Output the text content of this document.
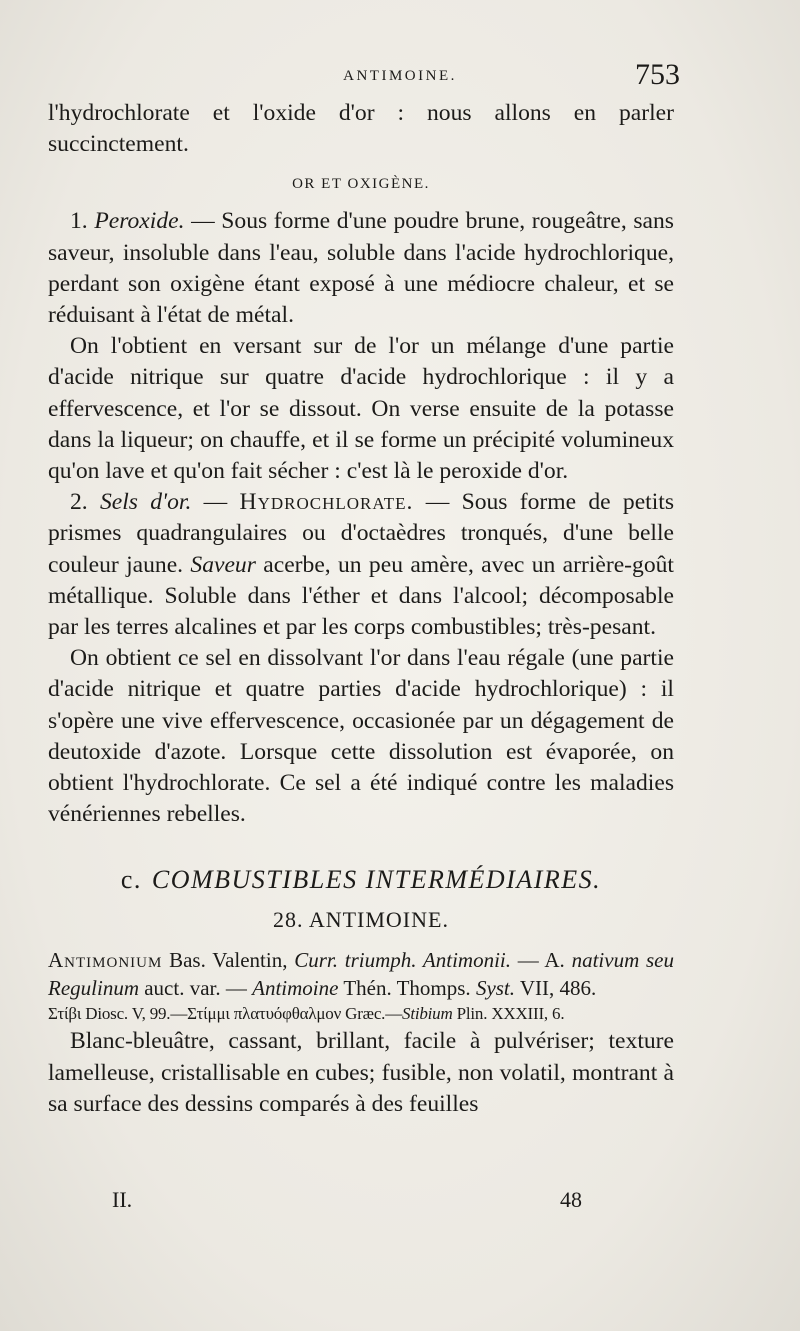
ANTIMOINE.	753

l'hydrochlorate et l'oxide d'or : nous allons en parler succinctement.

OR ET OXIGÈNE.

1. Peroxide. — Sous forme d'une poudre brune, rougeâtre, sans saveur, insoluble dans l'eau, soluble dans l'acide hydrochlorique, perdant son oxigène étant exposé à une médiocre chaleur, et se réduisant à l'état de métal.

On l'obtient en versant sur de l'or un mélange d'une partie d'acide nitrique sur quatre d'acide hydrochlorique : il y a effervescence, et l'or se dissout. On verse ensuite de la potasse dans la liqueur; on chauffe, et il se forme un précipité volumineux qu'on lave et qu'on fait sécher : c'est là le peroxide d'or.

2. Sels d'or. — Hydrochlorate. — Sous forme de petits prismes quadrangulaires ou d'octaèdres tronqués, d'une belle couleur jaune. Saveur acerbe, un peu amère, avec un arrière-goût métallique. Soluble dans l'éther et dans l'alcool; décomposable par les terres alcalines et par les corps combustibles; très-pesant.

On obtient ce sel en dissolvant l'or dans l'eau régale (une partie d'acide nitrique et quatre parties d'acide hydrochlorique) : il s'opère une vive effervescence, occasionée par un dégagement de deutoxide d'azote. Lorsque cette dissolution est évaporée, on obtient l'hydrochlorate. Ce sel a été indiqué contre les maladies vénériennes rebelles.

c. COMBUSTIBLES INTERMÉDIAIRES.
28. ANTIMOINE.

Antimonium Bas. Valentin, Curr. triumph. Antimonii. — A. nativum seu Regulinum auct. var. — Antimoine Thén. Thomps. Syst. VII, 486.

Στίβι Diosc. V, 99.—Στίμμι πλατυόφθαλμον Græc.—Stibium Plin. XXXIII, 6.

Blanc-bleuâtre, cassant, brillant, facile à pulvériser; texture lamelleuse, cristallisable en cubes; fusible, non volatil, montrant à sa surface des dessins comparés à des feuilles

II.	48
